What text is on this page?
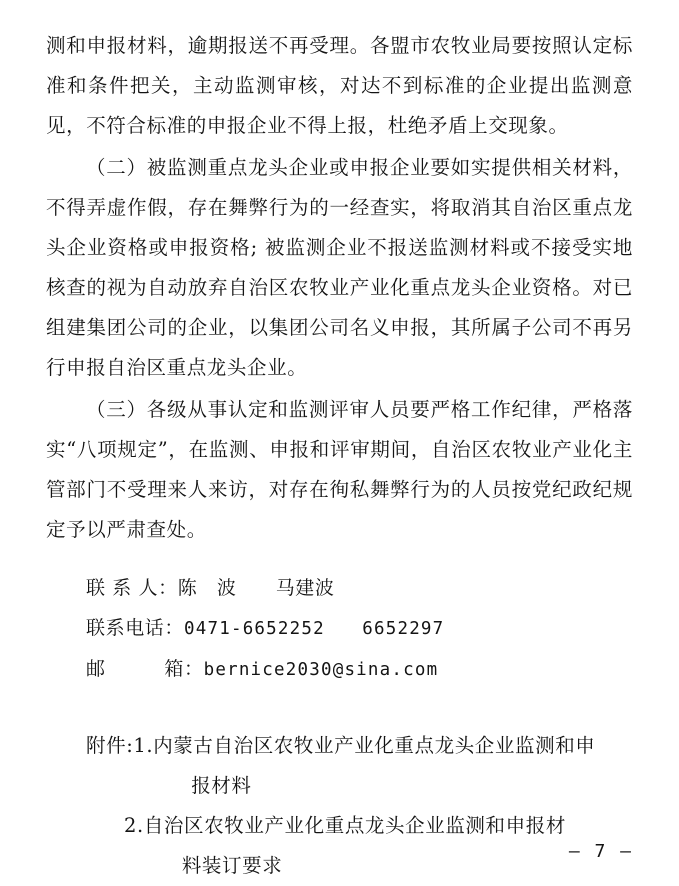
测和申报材料，逾期报送不再受理。各盟市农牧业局要按照认定标准和条件把关，主动监测审核，对达不到标准的企业提出监测意见，不符合标准的申报企业不得上报，杜绝矛盾上交现象。

（二）被监测重点龙头企业或申报企业要如实提供相关材料，不得弄虚作假，存在舞弊行为的一经查实，将取消其自治区重点龙头企业资格或申报资格; 被监测企业不报送监测材料或不接受实地核查的视为自动放弃自治区农牧业产业化重点龙头企业资格。对已组建集团公司的企业，以集团公司名义申报，其所属子公司不再另行申报自治区重点龙头企业。

（三）各级从事认定和监测评审人员要严格工作纪律，严格落实“八项规定”，在监测、申报和评审期间，自治区农牧业产业化主管部门不受理来人来访，对存在徇私舞弊行为的人员按党纪政纪规定予以严肃查处。

联 系 人：陈　波　　马建波
联系电话：0471-6652252　　6652297
邮　　　箱：bernice2030@sina.com
附件:1. 内蒙古自治区农牧业产业化重点龙头企业监测和申
报材料
2. 自治区农牧业产业化重点龙头企业监测和申报材
料装订要求
— 7 —
